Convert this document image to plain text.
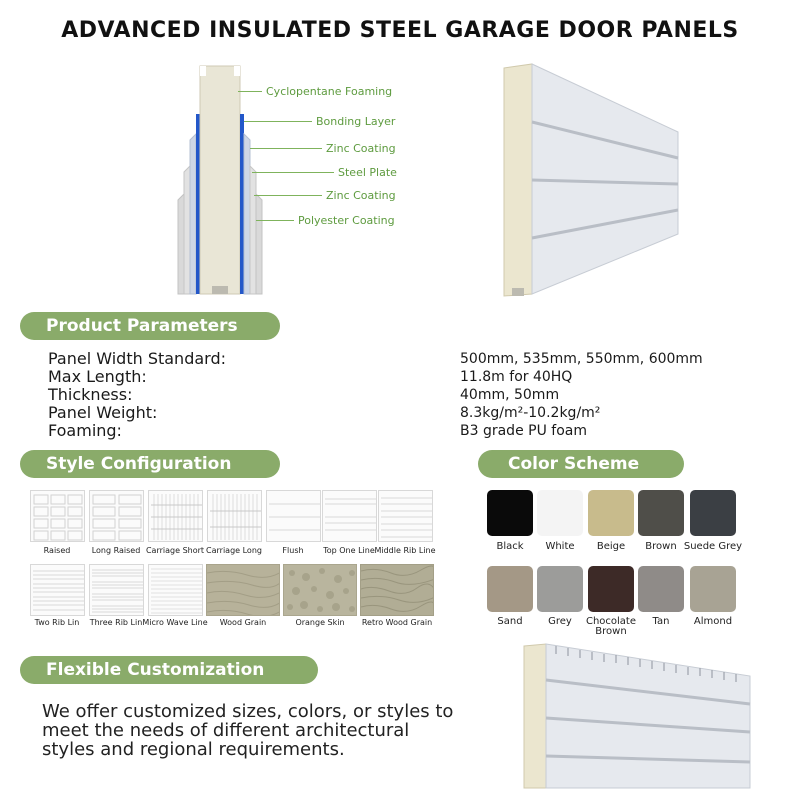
ADVANCED INSULATED STEEL GARAGE DOOR PANELS
Cyclopentane Foaming
Bonding Layer
Zinc Coating
Steel Plate
Zinc Coating
Polyester Coating
Product Parameters
Panel Width Standard:	500mm, 535mm, 550mm, 600mm
Max Length:	11.8m for 40HQ
Thickness:	40mm, 50mm
Panel Weight:	8.3kg/m²-10.2kg/m²
Foaming:	B3 grade PU foam
Style Configuration
Raised	Long Raised Carriage Short Carriage Long	Flush	Top One Line Middle Rib Line
Two Rib Lin	Three Rib Lin Micro Wave Line	Wood Grain	Orange Skin	Retro Wood Grain
Color Scheme
Black	White	Beige	Brown Suede Grey
Sand	Grey	Chocolate Brown
Tan	Almond
Flexible Customization
We offer customized sizes, colors, or styles to meet the needs of different architectural styles and regional requirements.
